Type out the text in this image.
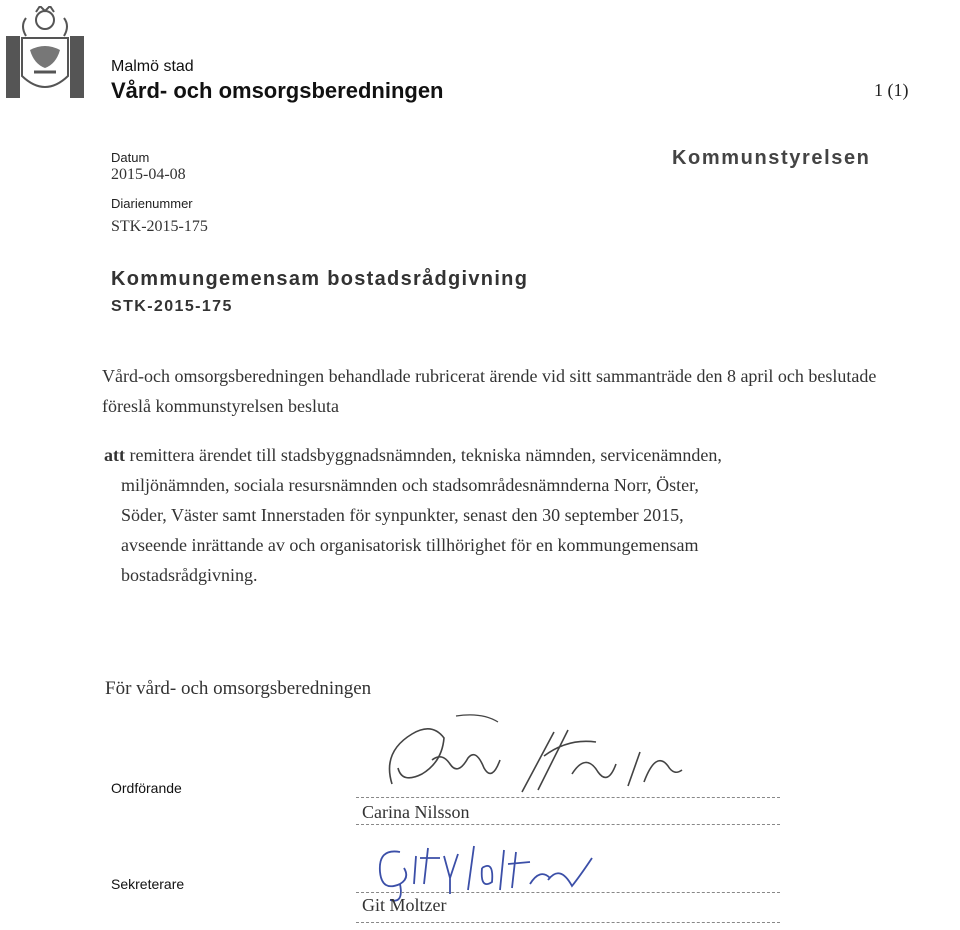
Malmö stad
Vård- och omsorgsberedningen	1 (1)
Datum
2015-04-08
Diarienummer
STK-2015-175
Kommunstyrelsen
Kommungemensam bostadsrådgivning
STK-2015-175
Vård-och omsorgsberedningen behandlade rubricerat ärende vid sitt sammanträde den 8 april och beslutade föreslå kommunstyrelsen besluta
att remittera ärendet till stadsbyggnadsnämnden, tekniska nämnden, servicenämnden,
miljönämnden, sociala resursnämnden och stadsområdesnämnderna Norr, Öster,
Söder, Väster samt Innerstaden för synpunkter, senast den 30 september 2015,
avseende inrättande av och organisatorisk tillhörighet för en kommungemensam
bostadsrådgivning.
För vård- och omsorgsberedningen
Ordförande
Carina Nilsson
Sekreterare
Git Moltzer
